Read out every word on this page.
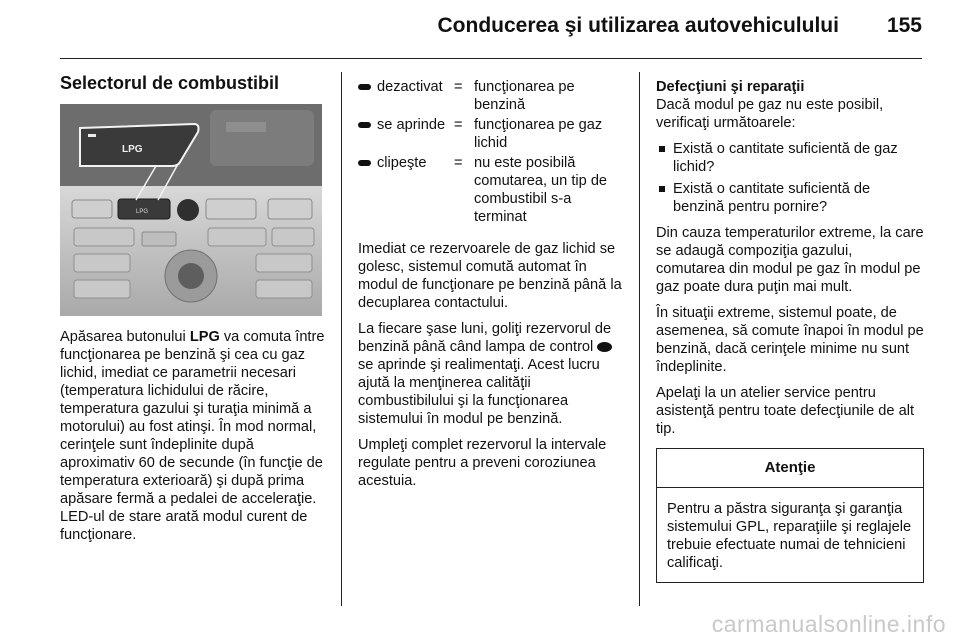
Conducerea şi utilizarea autovehiculului 155
Selectorul de combustibil
LPG
LPG

Apăsarea butonului LPG va comuta între funcţionarea pe benzină şi cea cu gaz lichid, imediat ce parametrii necesari (temperatura lichidului de răcire, temperatura gazului şi turaţia minimă a motorului) au fost atinşi. În mod normal, cerinţele sunt îndeplinite după aproximativ 60 de secunde (în funcţie de temperatura exterioară) şi după prima apăsare fermă a pedalei de acceleraţie. LED-ul de stare arată modul curent de funcţionare.

dezactivat = funcţionarea pe benzină
se aprinde = funcţionarea pe gaz lichid
clipeşte = nu este posibilă comutarea, un tip de combustibil s-a terminat

Imediat ce rezervoarele de gaz lichid se golesc, sistemul comută automat în modul de funcţionare pe benzină până la decuplarea contactului.

La fiecare şase luni, goliţi rezervorul de benzină până când lampa de control  se aprinde şi realimentaţi. Acest lucru ajută la menţinerea calităţii combustibilului şi la funcţionarea sistemului în modul pe benzină.

Umpleţi complet rezervorul la intervale regulate pentru a preveni coroziunea acestuia.

Defecţiuni şi reparaţii

Dacă modul pe gaz nu este posibil, verificaţi următoarele:

Există o cantitate suficientă de gaz lichid?
Există o cantitate suficientă de benzină pentru pornire?

Din cauza temperaturilor extreme, la care se adaugă compoziţia gazului, comutarea din modul pe gaz în modul pe gaz poate dura puţin mai mult.

În situaţii extreme, sistemul poate, de asemenea, să comute înapoi în modul pe benzină, dacă cerinţele minime nu sunt îndeplinite.

Apelaţi la un atelier service pentru asistenţă pentru toate defecţiunile de alt tip.

Atenţie
Pentru a păstra siguranţa şi garanţia sistemului GPL, reparaţiile şi reglajele trebuie efectuate numai de tehnicieni calificaţi.
carmanualsonline.info
